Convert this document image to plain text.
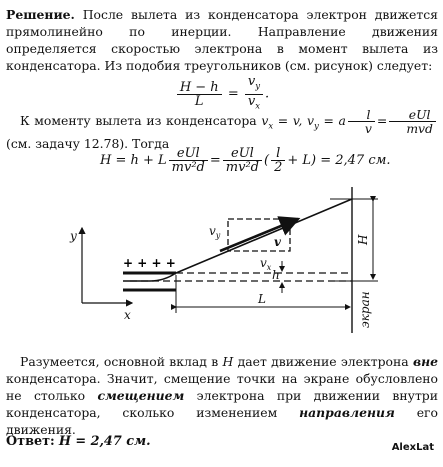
Решение. После вылета из конденсатора электрон движется прямолинейно по инерции. Направление движения определяется скоростью электрона в момент вылета из конденсатора. Из подобия треугольников (см. рисунок) следует:
$\frac{H - h}{L} = \frac{v_y}{v_x}$ .
К моменту вылета из конденсатора $v_x = v$, $v_y = a \frac{l}{v} = \frac{\text{eUl}}{\text{mvd}}$
(см. задачу 12.78). Тогда
H = h + L $\frac{\text{eUl}}{\text{mv²d}} = \frac{\text{eUl}}{\text{mv²d}}$ ( $\frac{l}{2} + L) = 2,47$ см.
y
x
+ + + +
экран
v
$v_y$
$v_x$
h
L
H
Разумеется, основной вклад в H дает движение электрона вне конденсатора. Значит, смещение точки на экране обусловлено не столько смещением электрона при движении внутри конденсатора, сколько изменением направления его движения.
Ответ: H = 2,47 см.	AlexLat
